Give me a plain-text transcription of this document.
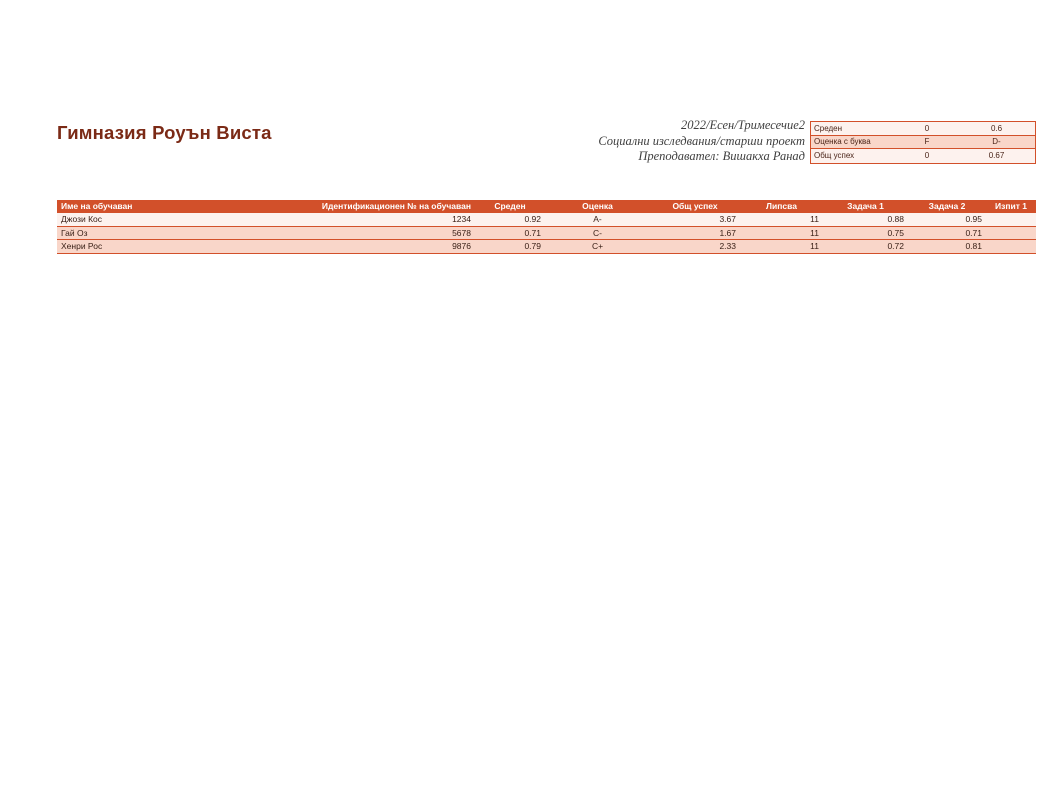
Гимназия Роуън Виста	2022/Есен/Тримесечие2
Социални изследвания/старши проект
Преподавател: Вишакха Ранад
Среден	0	0.6
Оценка с буква	F	D-
Общ успех	0	0.67
Име на обучаван	Идентификационен № на обучаван	Среден	Оценка	Общ успех	Липсва	Задача 1	Задача 2	Изпит 1
Джози Кос	1234	0.92	A-	3.67	11	0.88	0.95	
Гай Оз	5678	0.71	C-	1.67	11	0.75	0.71	
Хенри Рос	9876	0.79	C+	2.33	11	0.72	0.81	
